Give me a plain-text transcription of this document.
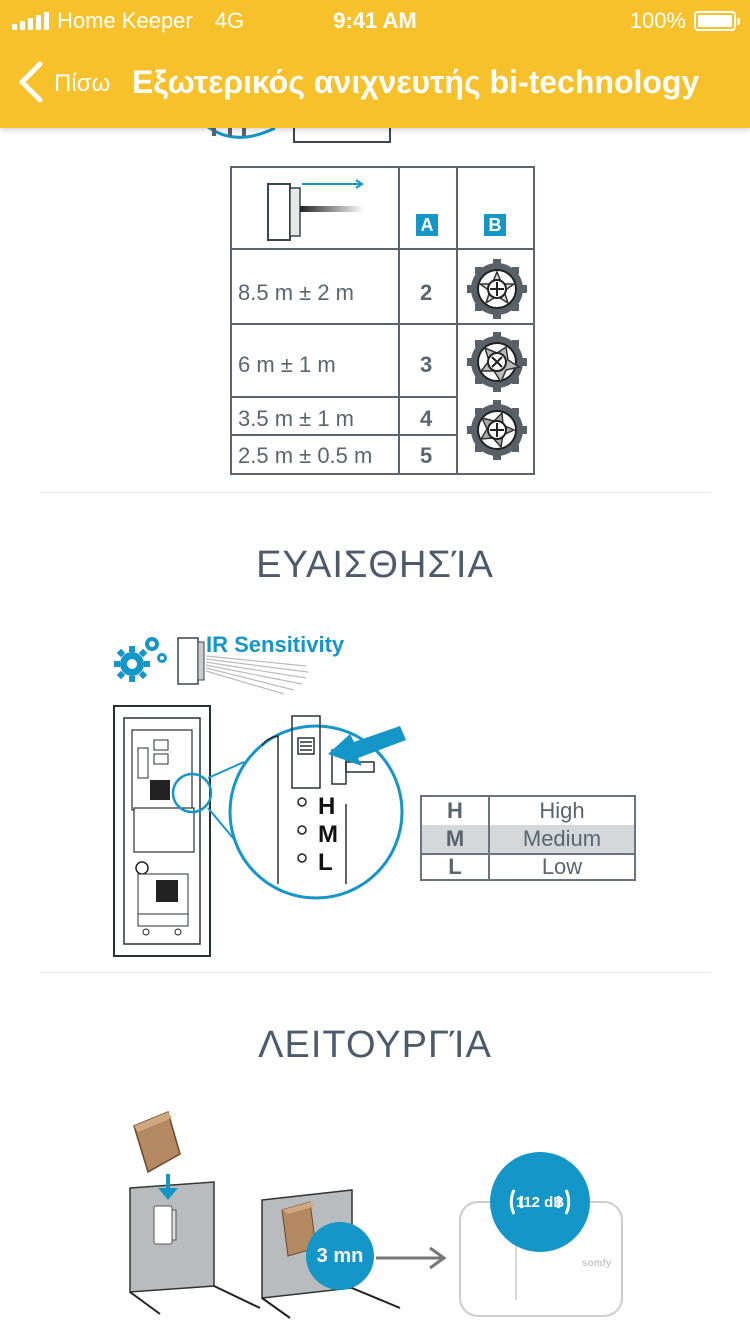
Home Keeper 4G	9:41 AM	100%
Πίσω Εξωτερικός ανιχνευτής bi-technology
A	B
8.5 m ± 2 m	2
6 m ± 1 m	3
3.5 m ± 1 m	4
2.5 m ± 0.5 m 5
ΕΥΑΙΣΘΗΣΊΑ
IR Sensitivity
H
M
L
H	High
M	Medium
L	Low
ΛΕΙΤΟΥΡΓΊΑ
3 mn
112 dB
somfy
